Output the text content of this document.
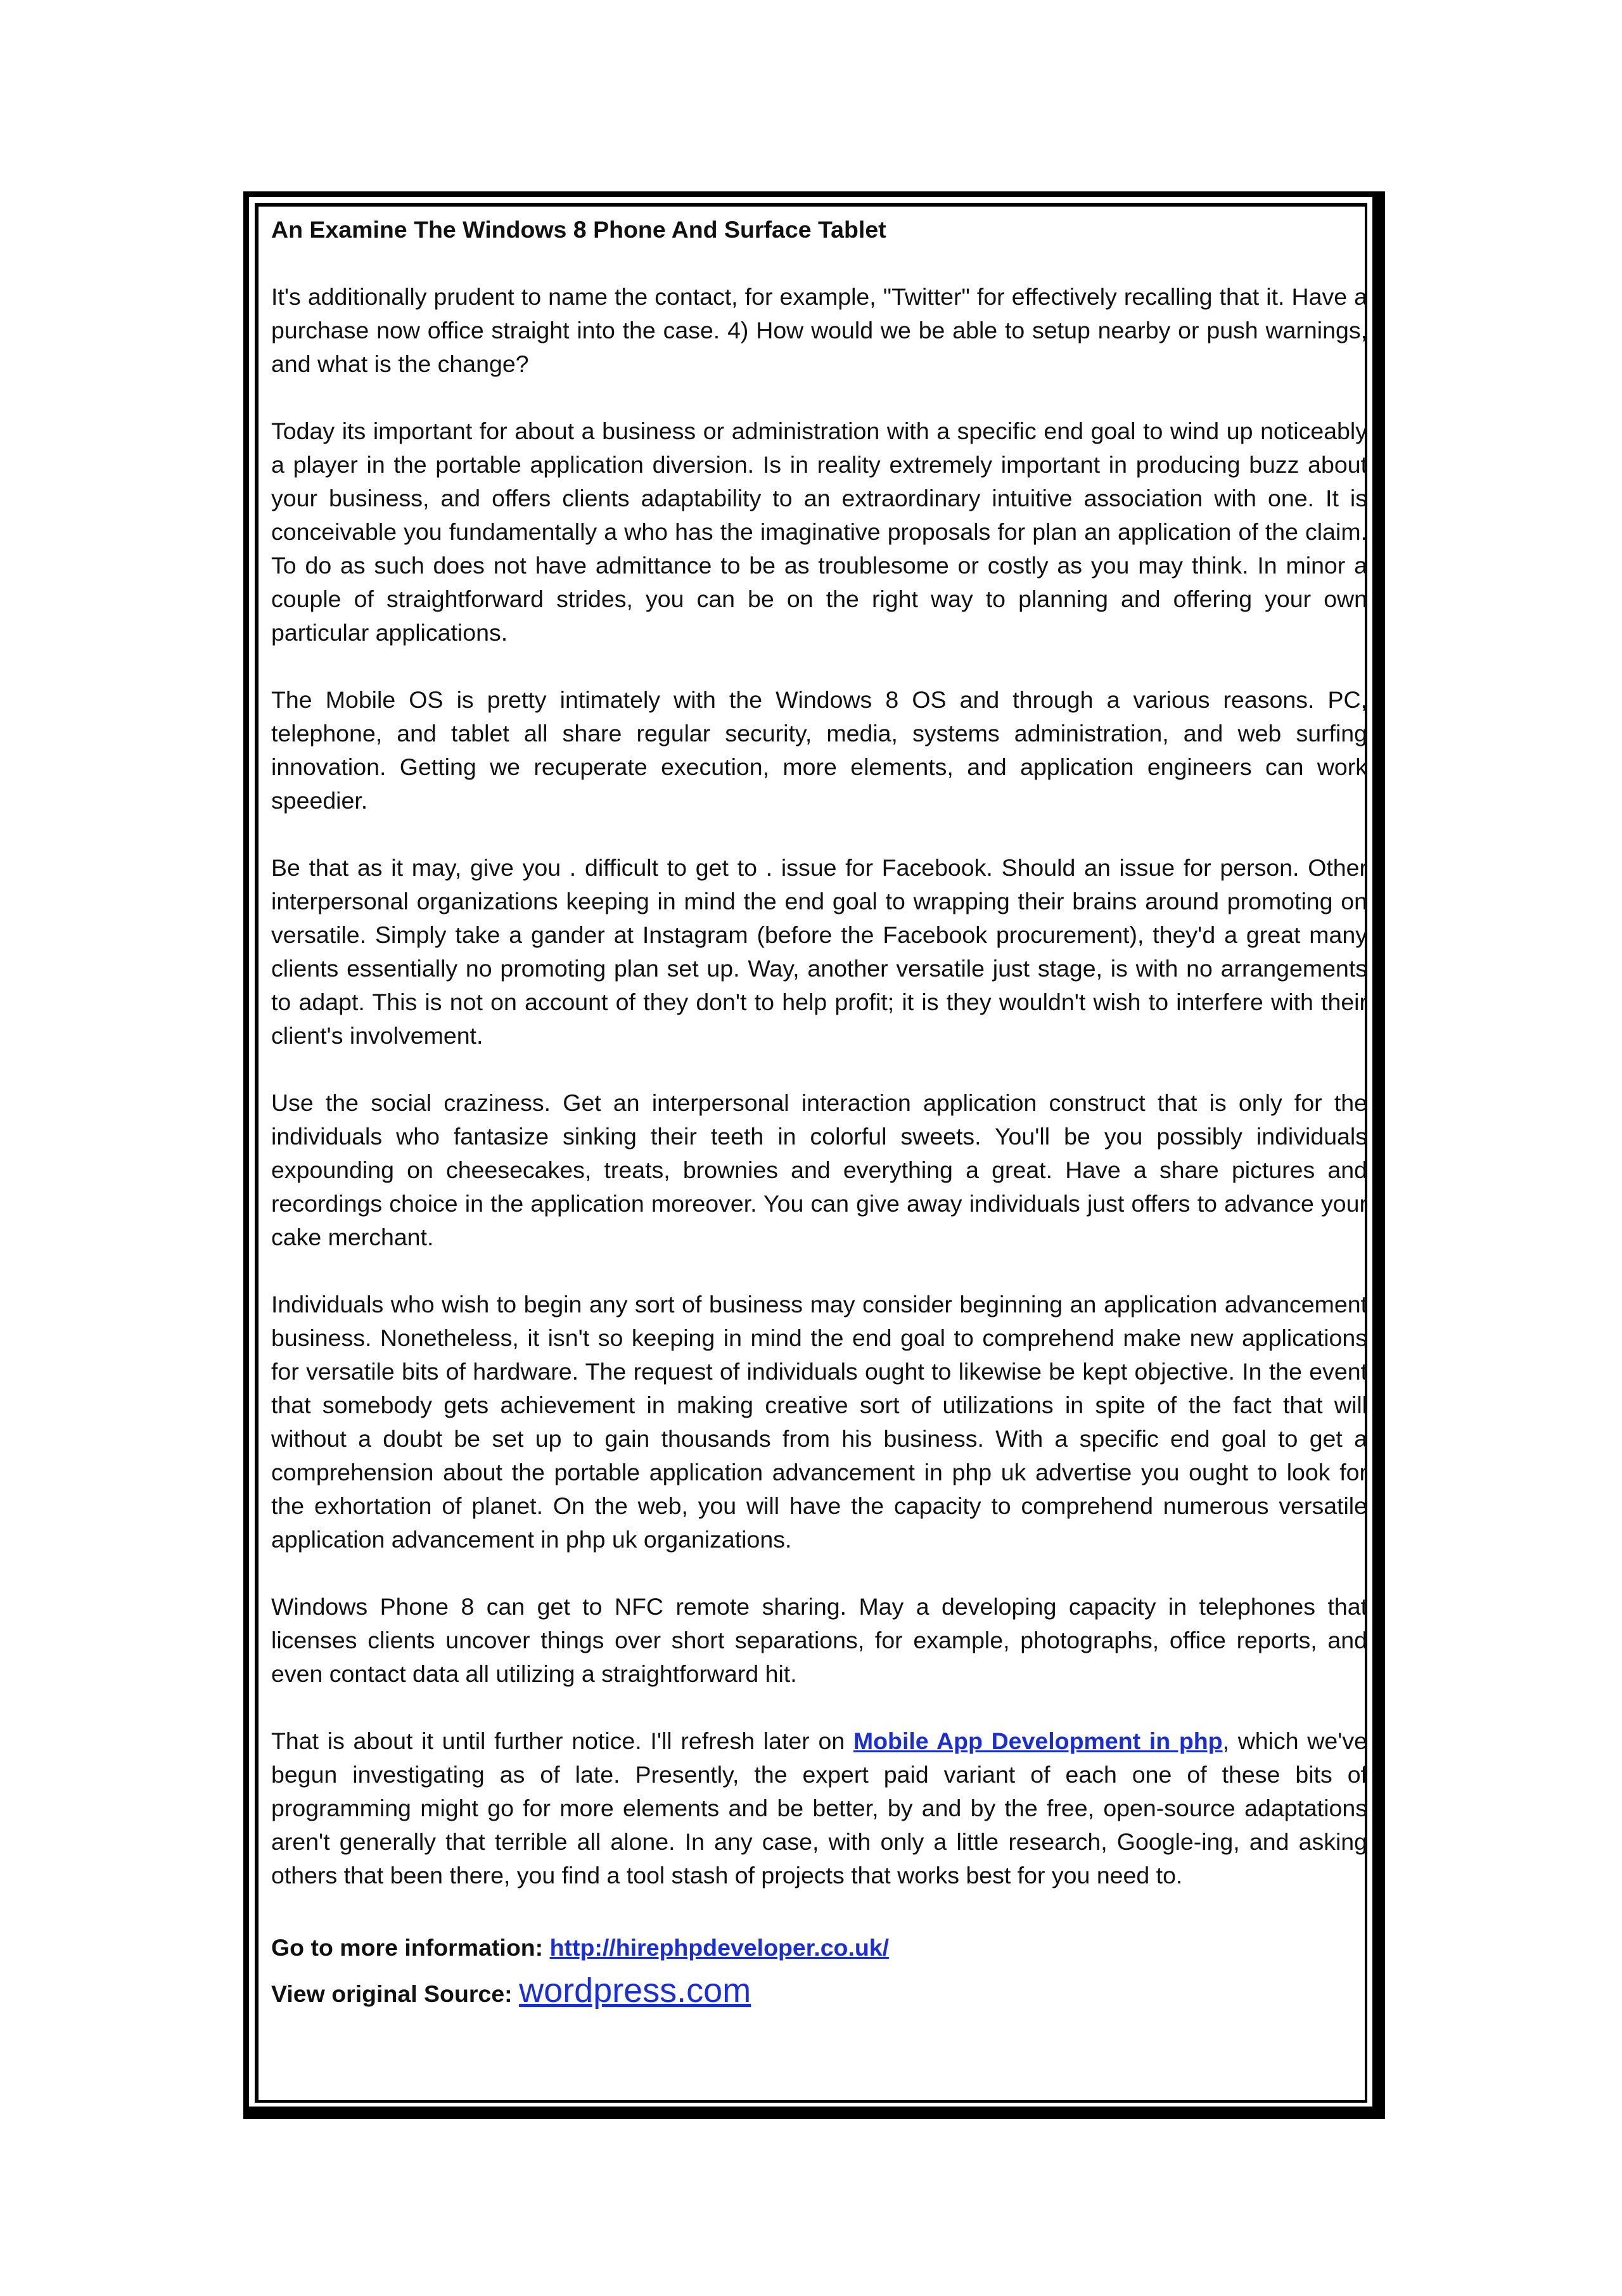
An Examine The Windows 8 Phone And Surface Tablet

It's additionally prudent to name the contact, for example, "Twitter" for effectively recalling that it. Have a purchase now office straight into the case. 4) How would we be able to setup nearby or push warnings, and what is the change?

Today its important for about a business or administration with a specific end goal to wind up noticeably a player in the portable application diversion. Is in reality extremely important in producing buzz about your business, and offers clients adaptability to an extraordinary intuitive association with one. It is conceivable you fundamentally a who has the imaginative proposals for plan an application of the claim. To do as such does not have admittance to be as troublesome or costly as you may think. In minor a couple of straightforward strides, you can be on the right way to planning and offering your own particular applications.

The Mobile OS is pretty intimately with the Windows 8 OS and through a various reasons. PC, telephone, and tablet all share regular security, media, systems administration, and web surfing innovation. Getting we recuperate execution, more elements, and application engineers can work speedier.

Be that as it may, give you . difficult to get to . issue for Facebook. Should an issue for person. Other interpersonal organizations keeping in mind the end goal to wrapping their brains around promoting on versatile. Simply take a gander at Instagram (before the Facebook procurement), they'd a great many clients essentially no promoting plan set up. Way, another versatile just stage, is with no arrangements to adapt. This is not on account of they don't to help profit; it is they wouldn't wish to interfere with their client's involvement.

Use the social craziness. Get an interpersonal interaction application construct that is only for the individuals who fantasize sinking their teeth in colorful sweets. You'll be you possibly individuals expounding on cheesecakes, treats, brownies and everything a great. Have a share pictures and recordings choice in the application moreover. You can give away individuals just offers to advance your cake merchant.

Individuals who wish to begin any sort of business may consider beginning an application advancement business. Nonetheless, it isn't so keeping in mind the end goal to comprehend make new applications for versatile bits of hardware. The request of individuals ought to likewise be kept objective. In the event that somebody gets achievement in making creative sort of utilizations in spite of the fact that will without a doubt be set up to gain thousands from his business. With a specific end goal to get a comprehension about the portable application advancement in php uk advertise you ought to look for the exhortation of planet. On the web, you will have the capacity to comprehend numerous versatile application advancement in php uk organizations.

Windows Phone 8 can get to NFC remote sharing. May a developing capacity in telephones that licenses clients uncover things over short separations, for example, photographs, office reports, and even contact data all utilizing a straightforward hit.

That is about it until further notice. I'll refresh later on Mobile App Development in php, which we've begun investigating as of late. Presently, the expert paid variant of each one of these bits of programming might go for more elements and be better, by and by the free, open-source adaptations aren't generally that terrible all alone. In any case, with only a little research, Google-ing, and asking others that been there, you find a tool stash of projects that works best for you need to.

Go to more information: http://hirephpdeveloper.co.uk/

View original Source: wordpress.com
